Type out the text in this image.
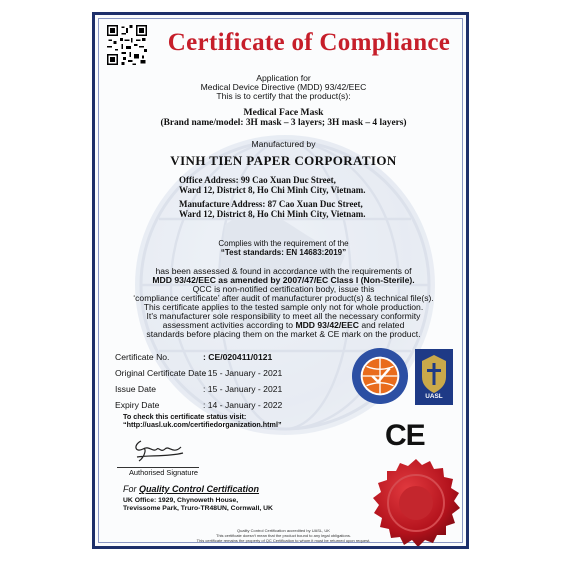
Certificate of Compliance
Application for
Medical Device Directive (MDD) 93/42/EEC
This is to certify that the product(s):
Medical Face Mask
(Brand name/model: 3H mask – 3 layers; 3H mask – 4 layers)
Manufactured by
VINH TIEN PAPER CORPORATION
Office Address: 99 Cao Xuan Duc Street,
Ward 12, District 8, Ho Chi Minh City, Vietnam.
Manufacture Address: 87 Cao Xuan Duc Street,
Ward 12, District 8, Ho Chi Minh City, Vietnam.
Complies with the requirement of the
“Test standards: EN 14683:2019”
has been assessed & found in accordance with the requirements of
MDD 93/42/EEC as amended by 2007/47/EC Class I (Non-Sterile).
QCC is non-notified certification body, issue this
‘compliance certificate’ after audit of manufacturer product(s) & technical file(s).
This certificate applies to the tested sample only not for whole production.
It's manufacturer sole responsibility to meet all the necessary conformity
assessment activities according to MDD 93/42/EEC and related
standards before placing them on the market & CE mark on the product.
Certificate No.	: CE/020411/0121
Original Certificate Date: 15 - January - 2021
Issue Date	: 15 - January - 2021
Expiry Date	: 14 - January - 2022
To check this certificate status visit:
“http://uasl.uk.com/certifiedorganization.html”
Authorised Signature
For Quality Control Certification
UK Office: 1929, Chynoweth House,
Trevissome Park, Truro-TR48UN, Cornwall, UK
Quality Control Certification accredited by UASL, UK
This certificate doesn’t mean that the product bound to any legal obligations.
This certificate remains the property of QC Certification to whom it must be returned upon request.
UASL
CE
